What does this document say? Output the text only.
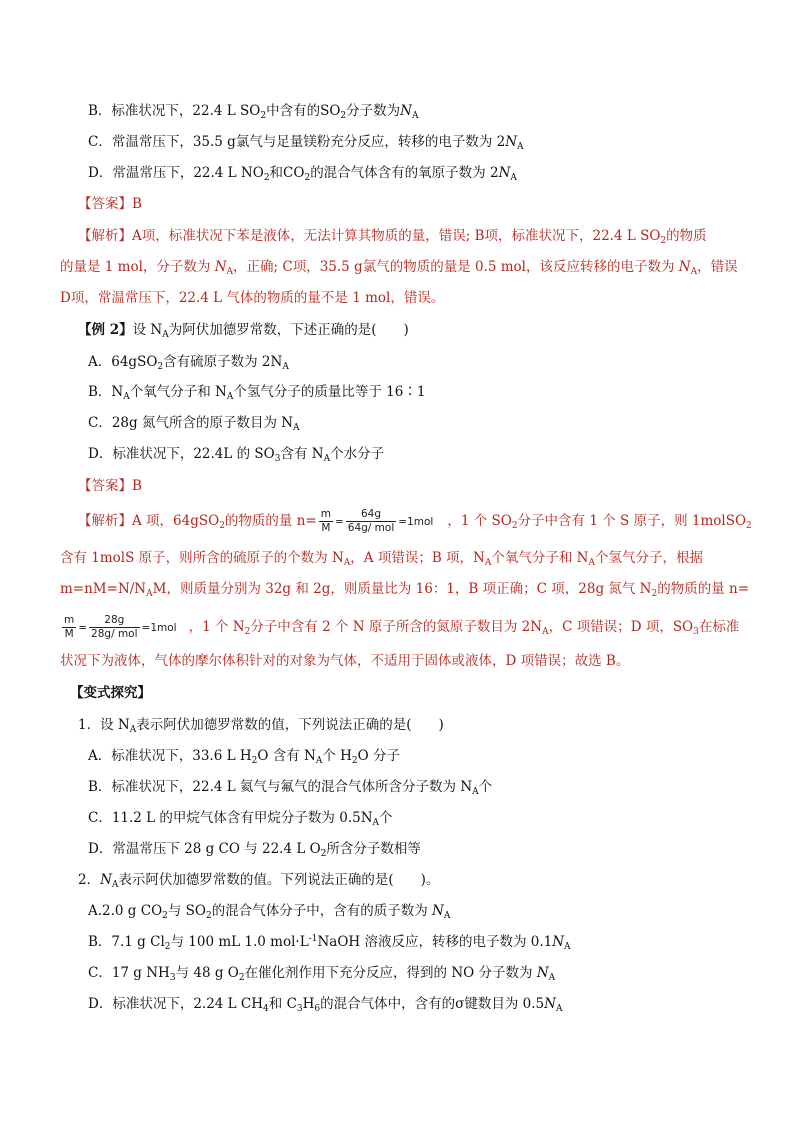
B．标准状况下，22.4 L $SO_2$中含有的$SO_2$分子数为$N_A$
C．常温常压下，35.5 g氯气与足量镁粉充分反应，转移的电子数为 $2N_A$
D．常温常压下，22.4 L $NO_2$和$CO_2$的混合气体含有的氧原子数为 $2N_A$
【答案】B
【解析】A项，标准状况下苯是液体，无法计算其物质的量，错误; B项，标准状况下，22.4 L $SO_2$的物质
的量是 1 mol，分子数为 $N_A$，正确; C项，35.5 g氯气的物质的量是 0.5 mol，该反应转移的电子数为 $N_A$，错误
D项，常温常压下，22.4 L 气体的物质的量不是 1 mol，错误。
【例 2】设 $N_A$为阿伏加德罗常数，下述正确的是(　　)
A．64gSO$_2$含有硫原子数为 $2N_A$
B．$N_A$个氧气分子和 $N_A$个氢气分子的质量比等于 16∶1
C．28g 氮气所含的原子数目为 $N_A$
D．标准状况下，22.4L 的 $SO_3$含有 $N_A$个水分子
【答案】B
【解析】A 项，64gSO$_2$的物质的量 $n= \frac{m}{M} = \frac{64g}{\text{64g/ mol}} =1mol$ ，1 个 $SO_2$分子中含有 1 个 S 原子，则 1molSO$_2$
含有 1molS 原子，则所含的硫原子的个数为 $N_A$，A 项错误；B 项，$N_A$个氧气分子和 $N_A$个氢气分子，根据
$m=nM=N/N_AM$，则质量分别为 32g 和 2g，则质量比为 16：1，B 项正确；C 项，28g 氮气 $N_2$的物质的量 n=
$\frac{m}{M} = \frac{28g}{\text{28g/ mol}} =1mol$ ，1 个 $N_2$分子中含有 2 个 N 原子所含的氮原子数目为 $2N_A$，C 项错误；D 项，$SO_3$在标准
状况下为液体，气体的摩尔体积针对的对象为气体，不适用于固体或液体，D 项错误；故选 B。
【变式探究】
1．设 $N_A$表示阿伏加德罗常数的值，下列说法正确的是(　　)
A．标准状况下，33.6 L $H_2O$ 含有 $N_A$个 $H_2O$ 分子
B．标准状况下，22.4 L 氦气与氟气的混合气体所含分子数为 $N_A$个
C．11.2 L 的甲烷气体含有甲烷分子数为 $0.5N_A$个
D．常温常压下 28 g CO 与 22.4 L $O_2$所含分子数相等
2．$N_A$表示阿伏加德罗常数的值。下列说法正确的是(　　)。
A.2.0 g $CO_2$与 $SO_2$的混合气体分子中，含有的质子数为 $N_A$
B．7.1 g $Cl_2$与 100 mL 1.0 $mol\cdot L^{-1}NaOH$ 溶液反应，转移的电子数为 $0.1N_A$
C．17 g $NH_3$与 48 g $O_2$在催化剂作用下充分反应，得到的 NO 分子数为 $N_A$
D．标准状况下，2.24 L $CH_4$和 $C_3H_6$的混合气体中，含有的σ键数目为 $0.5N_A$
